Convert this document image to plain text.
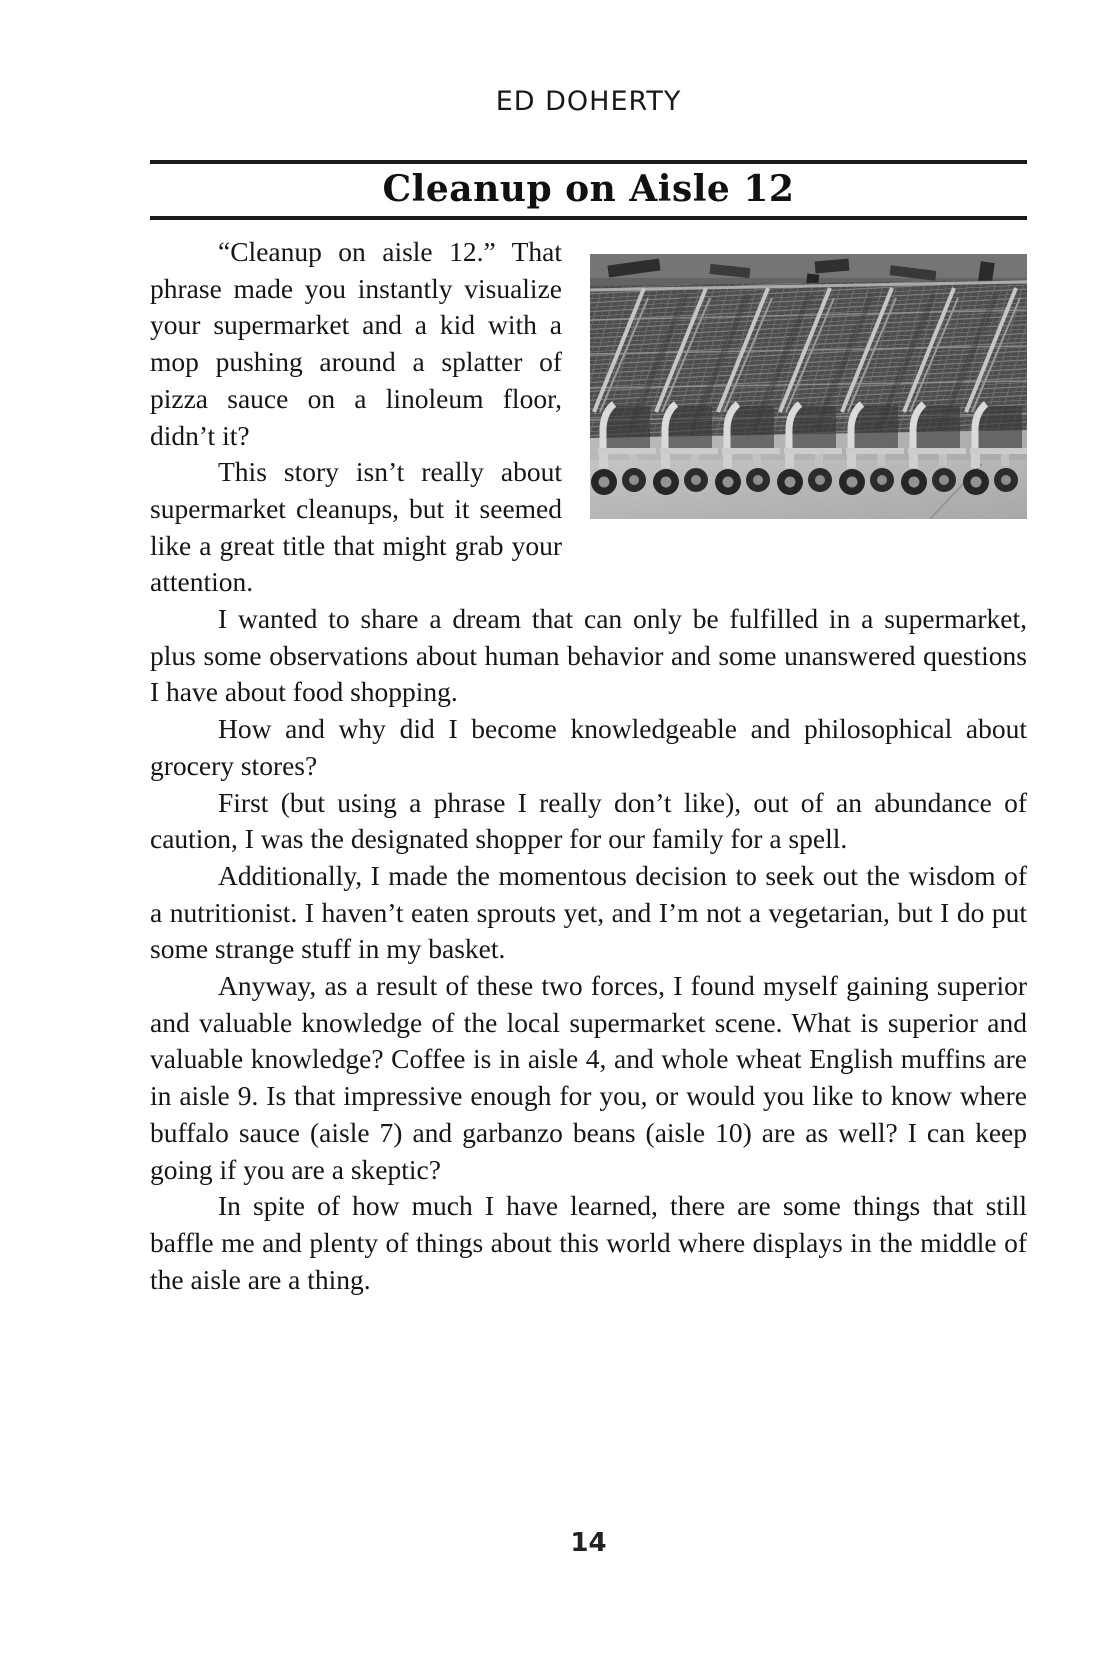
ED DOHERTY
Cleanup on Aisle 12

“Cleanup on aisle 12.” That phrase made you instantly visualize your supermarket and a kid with a mop pushing around a splatter of pizza sauce on a linoleum floor, didn’t it?

This story isn’t really about supermarket cleanups, but it seemed like a great title that might grab your attention.

I wanted to share a dream that can only be fulfilled in a supermarket, plus some observations about human behavior and some unanswered questions I have about food shopping.

How and why did I become knowledgeable and philosophical about grocery stores?

First (but using a phrase I really don’t like), out of an abundance of caution, I was the designated shopper for our family for a spell.

Additionally, I made the momentous decision to seek out the wisdom of a nutritionist. I haven’t eaten sprouts yet, and I’m not a vegetarian, but I do put some strange stuff in my basket.

Anyway, as a result of these two forces, I found myself gaining superior and valuable knowledge of the local supermarket scene. What is superior and valuable knowledge? Coffee is in aisle 4, and whole wheat English muffins are in aisle 9. Is that impressive enough for you, or would you like to know where buffalo sauce (aisle 7) and garbanzo beans (aisle 10) are as well? I can keep going if you are a skeptic?

In spite of how much I have learned, there are some things that still baffle me and plenty of things about this world where displays in the middle of the aisle are a thing.

14
